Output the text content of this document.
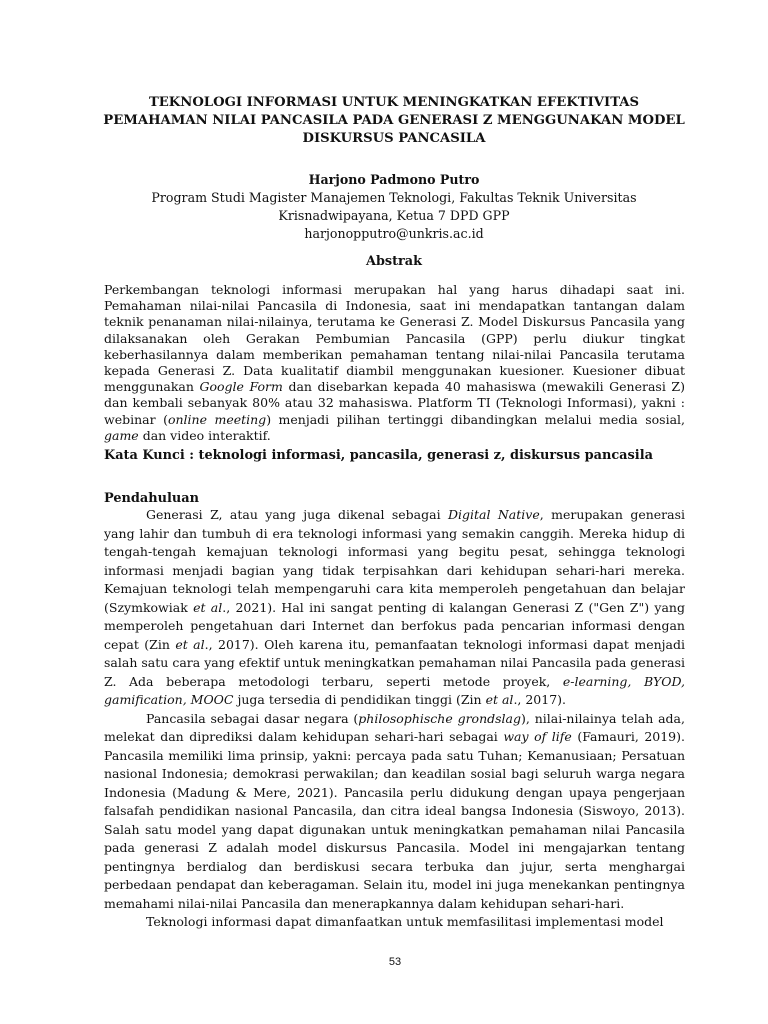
TEKNOLOGI INFORMASI UNTUK MENINGKATKAN EFEKTIVITAS PEMAHAMAN NILAI PANCASILA PADA GENERASI Z MENGGUNAKAN MODEL DISKURSUS PANCASILA
Harjono Padmono Putro
Program Studi Magister Manajemen Teknologi, Fakultas Teknik Universitas
Krisnadwipayana, Ketua 7 DPD GPP
harjonopputro@unkris.ac.id
Abstrak
Perkembangan teknologi informasi merupakan hal yang harus dihadapi saat ini. Pemahaman nilai-nilai Pancasila di Indonesia, saat ini mendapatkan tantangan dalam teknik penanaman nilai-nilainya, terutama ke Generasi Z. Model Diskursus Pancasila yang dilaksanakan oleh Gerakan Pembumian Pancasila (GPP) perlu diukur tingkat keberhasilannya dalam memberikan pemahaman tentang nilai-nilai Pancasila terutama kepada Generasi Z. Data kualitatif diambil menggunakan kuesioner. Kuesioner dibuat menggunakan Google Form dan disebarkan kepada 40 mahasiswa (mewakili Generasi Z) dan kembali sebanyak 80% atau 32 mahasiswa. Platform TI (Teknologi Informasi), yakni : webinar (online meeting) menjadi pilihan tertinggi dibandingkan melalui media sosial, game dan video interaktif.
Kata Kunci : teknologi informasi, pancasila, generasi z, diskursus pancasila
Pendahuluan

Generasi Z, atau yang juga dikenal sebagai Digital Native, merupakan generasi yang lahir dan tumbuh di era teknologi informasi yang semakin canggih. Mereka hidup di tengah-tengah kemajuan teknologi informasi yang begitu pesat, sehingga teknologi informasi menjadi bagian yang tidak terpisahkan dari kehidupan sehari-hari mereka. Kemajuan teknologi telah mempengaruhi cara kita memperoleh pengetahuan dan belajar (Szymkowiak et al., 2021). Hal ini sangat penting di kalangan Generasi Z ("Gen Z") yang memperoleh pengetahuan dari Internet dan berfokus pada pencarian informasi dengan cepat (Zin et al., 2017). Oleh karena itu, pemanfaatan teknologi informasi dapat menjadi salah satu cara yang efektif untuk meningkatkan pemahaman nilai Pancasila pada generasi Z. Ada beberapa metodologi terbaru, seperti metode proyek, e-learning, BYOD, gamification, MOOC juga tersedia di pendidikan tinggi (Zin et al., 2017).

Pancasila sebagai dasar negara (philosophische grondslag), nilai-nilainya telah ada, melekat dan diprediksi dalam kehidupan sehari-hari sebagai way of life (Famauri, 2019). Pancasila memiliki lima prinsip, yakni: percaya pada satu Tuhan; Kemanusiaan; Persatuan nasional Indonesia; demokrasi perwakilan; dan keadilan sosial bagi seluruh warga negara Indonesia (Madung & Mere, 2021). Pancasila perlu didukung dengan upaya pengerjaan falsafah pendidikan nasional Pancasila, dan citra ideal bangsa Indonesia (Siswoyo, 2013). Salah satu model yang dapat digunakan untuk meningkatkan pemahaman nilai Pancasila pada generasi Z adalah model diskursus Pancasila. Model ini mengajarkan tentang pentingnya berdialog dan berdiskusi secara terbuka dan jujur, serta menghargai perbedaan pendapat dan keberagaman. Selain itu, model ini juga menekankan pentingnya memahami nilai-nilai Pancasila dan menerapkannya dalam kehidupan sehari-hari.

Teknologi informasi dapat dimanfaatkan untuk memfasilitasi implementasi model

53
